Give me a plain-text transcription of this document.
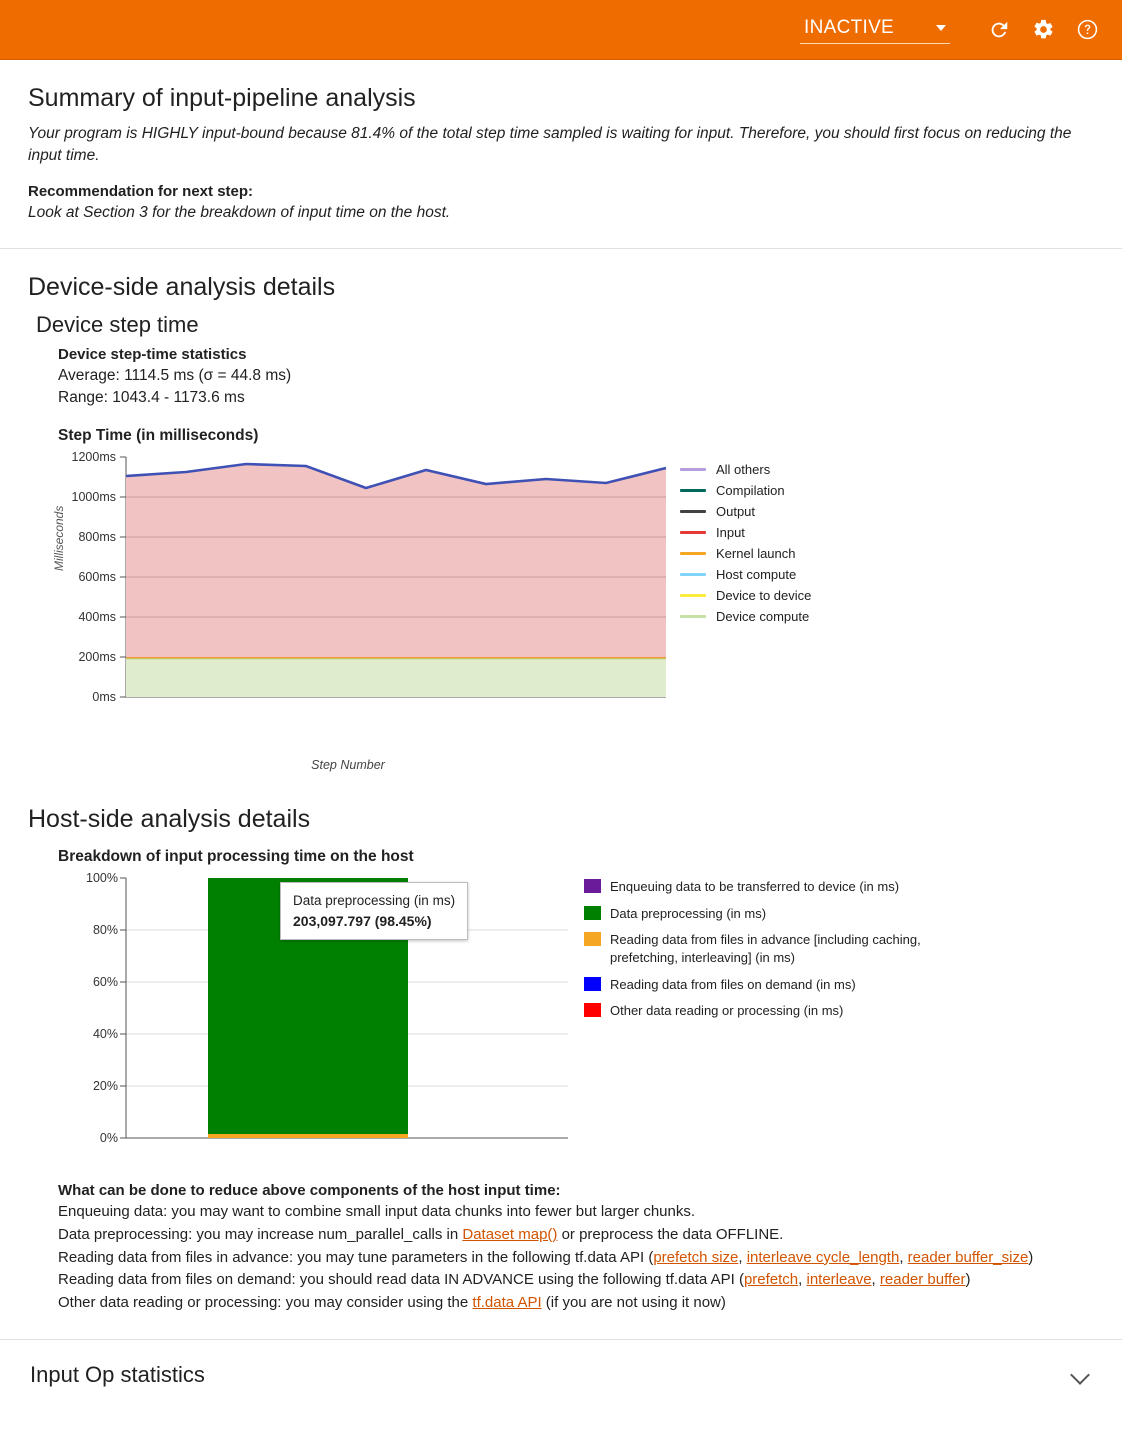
INACTIVE
Summary of input-pipeline analysis

Your program is HIGHLY input-bound because 81.4% of the total step time sampled is waiting for input. Therefore, you should first focus on reducing the input time.

Recommendation for next step:

Look at Section 3 for the breakdown of input time on the host.

Device-side analysis details
Device step time
Device step-time statistics
Average: 1114.5 ms (σ = 44.8 ms)
Range: 1043.4 - 1173.6 ms
Step Time (in milliseconds)
Milliseconds
1200ms
1000ms
800ms
600ms
400ms
200ms
0ms
Step Number
All others
Compilation
Output
Input
Kernel launch
Host compute
Device to device
Device compute
Host-side analysis details
Breakdown of input processing time on the host
100%
80%
60%
40%
20%
0%
Data preprocessing (in ms)
203,097.797 (98.45%)
Enqueuing data to be transferred to device (in ms)
Data preprocessing (in ms)
Reading data from files in advance [including caching, prefetching, interleaving] (in ms)
Reading data from files on demand (in ms)
Other data reading or processing (in ms)
What can be done to reduce above components of the host input time:

Enqueuing data: you may want to combine small input data chunks into fewer but larger chunks.

Data preprocessing: you may increase num_parallel_calls in Dataset map() or preprocess the data OFFLINE.

Reading data from files in advance: you may tune parameters in the following tf.data API (prefetch size, interleave cycle_length, reader buffer_size)

Reading data from files on demand: you should read data IN ADVANCE using the following tf.data API (prefetch, interleave, reader buffer)

Other data reading or processing: you may consider using the tf.data API (if you are not using it now)

Input Op statistics
